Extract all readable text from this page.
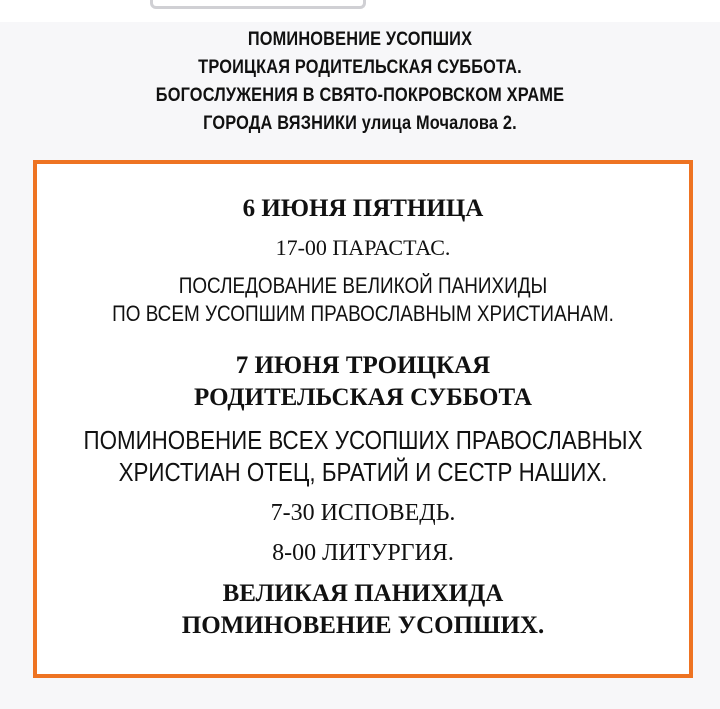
ПОМИНОВЕНИЕ УСОПШИХ
ТРОИЦКАЯ РОДИТЕЛЬСКАЯ СУББОТА.
БОГОСЛУЖЕНИЯ В СВЯТО-ПОКРОВСКОМ ХРАМЕ
ГОРОДА ВЯЗНИКИ улица Мочалова 2.
6 ИЮНЯ ПЯТНИЦА
17-00 ПАРАСТАС.
ПОСЛЕДОВАНИЕ ВЕЛИКОЙ ПАНИХИДЫ
ПО ВСЕМ УСОПШИМ ПРАВОСЛАВНЫМ ХРИСТИАНАМ.
7 ИЮНЯ ТРОИЦКАЯ
РОДИТЕЛЬСКАЯ СУББОТА
ПОМИНОВЕНИЕ ВСЕХ УСОПШИХ ПРАВОСЛАВНЫХ
ХРИСТИАН ОТЕЦ, БРАТИЙ И СЕСТР НАШИХ.
7-30 ИСПОВЕДЬ.
8-00 ЛИТУРГИЯ.
ВЕЛИКАЯ ПАНИХИДА
ПОМИНОВЕНИЕ УСОПШИХ.
